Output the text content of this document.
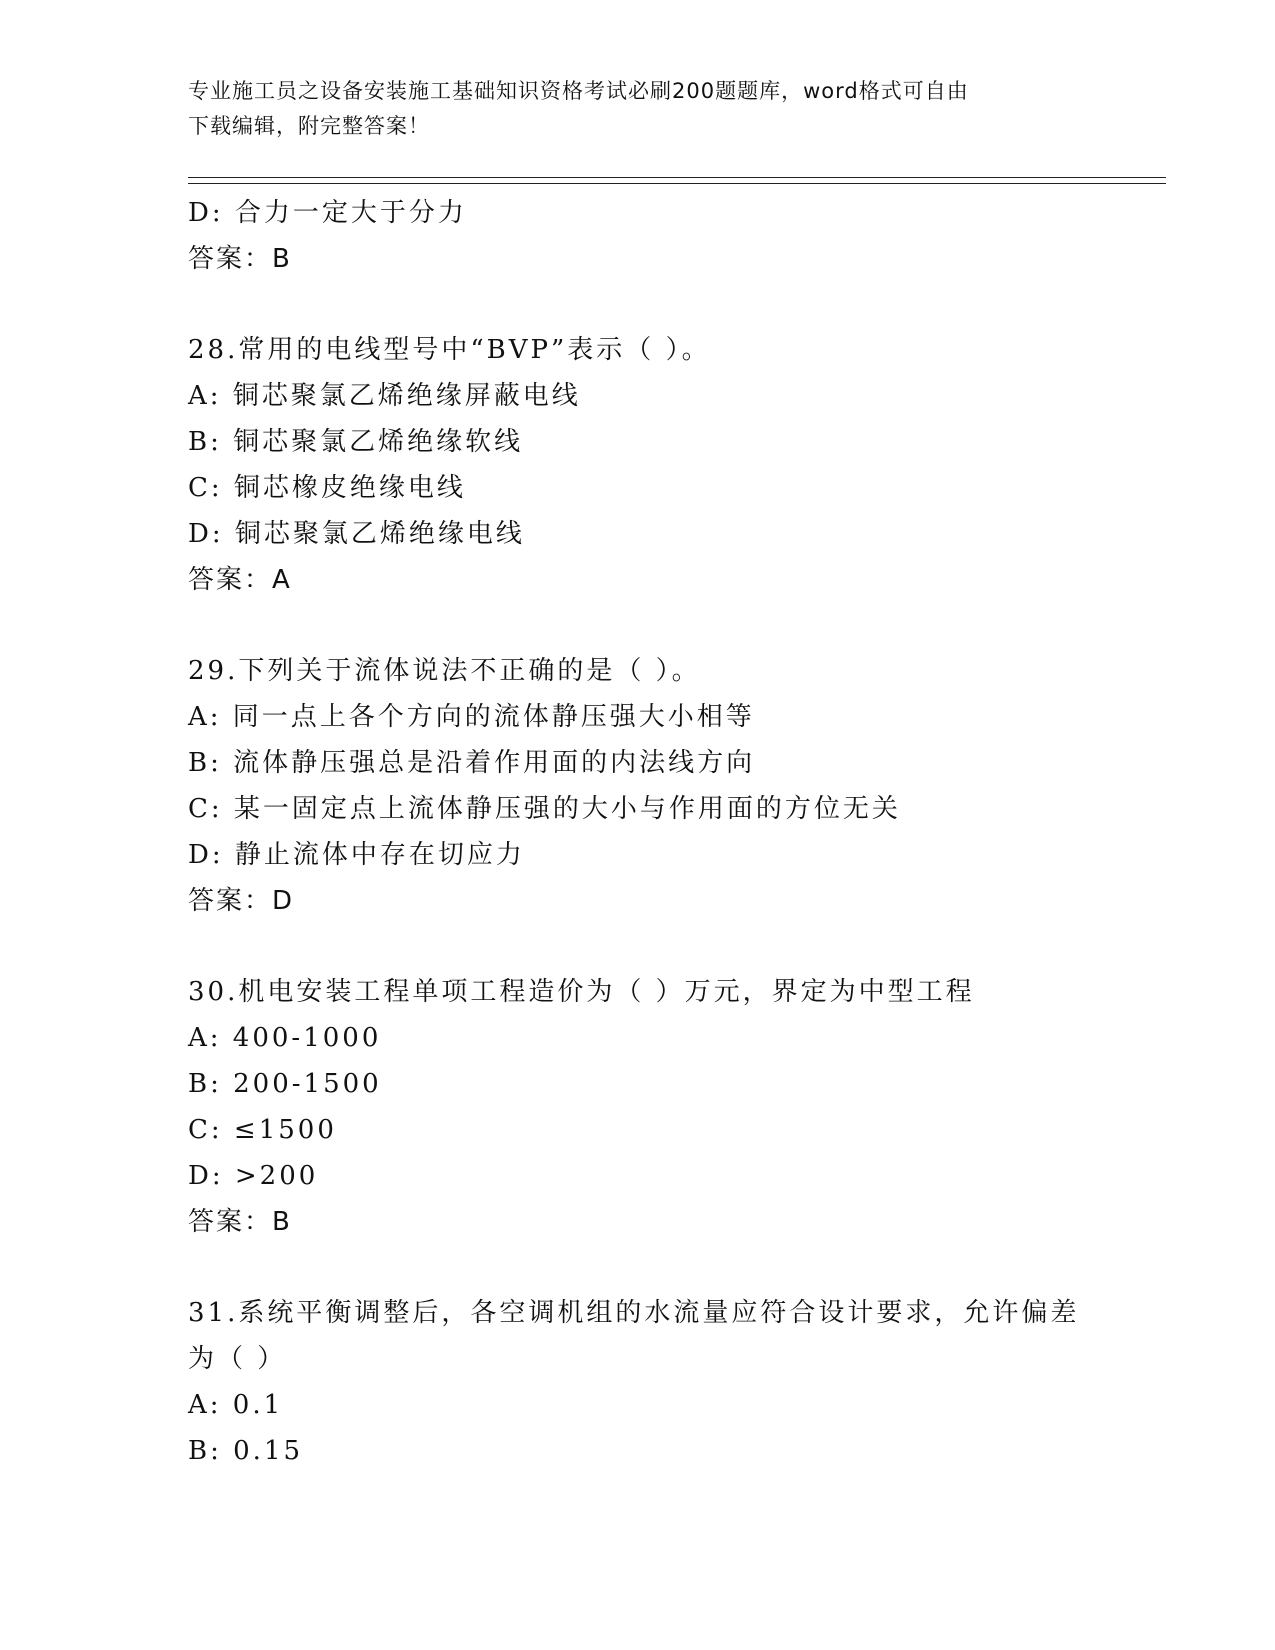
专业施工员之设备安装施工基础知识资格考试必刷200题题库，word格式可自由
下载编辑，附完整答案！
D: 合力一定大于分力
答案：B
28.常用的电线型号中“BVP”表示（ ）。
A: 铜芯聚氯乙烯绝缘屏蔽电线
B: 铜芯聚氯乙烯绝缘软线
C: 铜芯橡皮绝缘电线
D: 铜芯聚氯乙烯绝缘电线
答案：A
29.下列关于流体说法不正确的是（ ）。
A: 同一点上各个方向的流体静压强大小相等
B: 流体静压强总是沿着作用面的内法线方向
C: 某一固定点上流体静压强的大小与作用面的方位无关
D: 静止流体中存在切应力
答案：D
30.机电安装工程单项工程造价为（ ）万元，界定为中型工程
A: 400-1000
B: 200-1500
C: ≤1500
D: >200
答案：B
31.系统平衡调整后，各空调机组的水流量应符合设计要求，允许偏差
为（ ）
A: 0.1
B: 0.15
